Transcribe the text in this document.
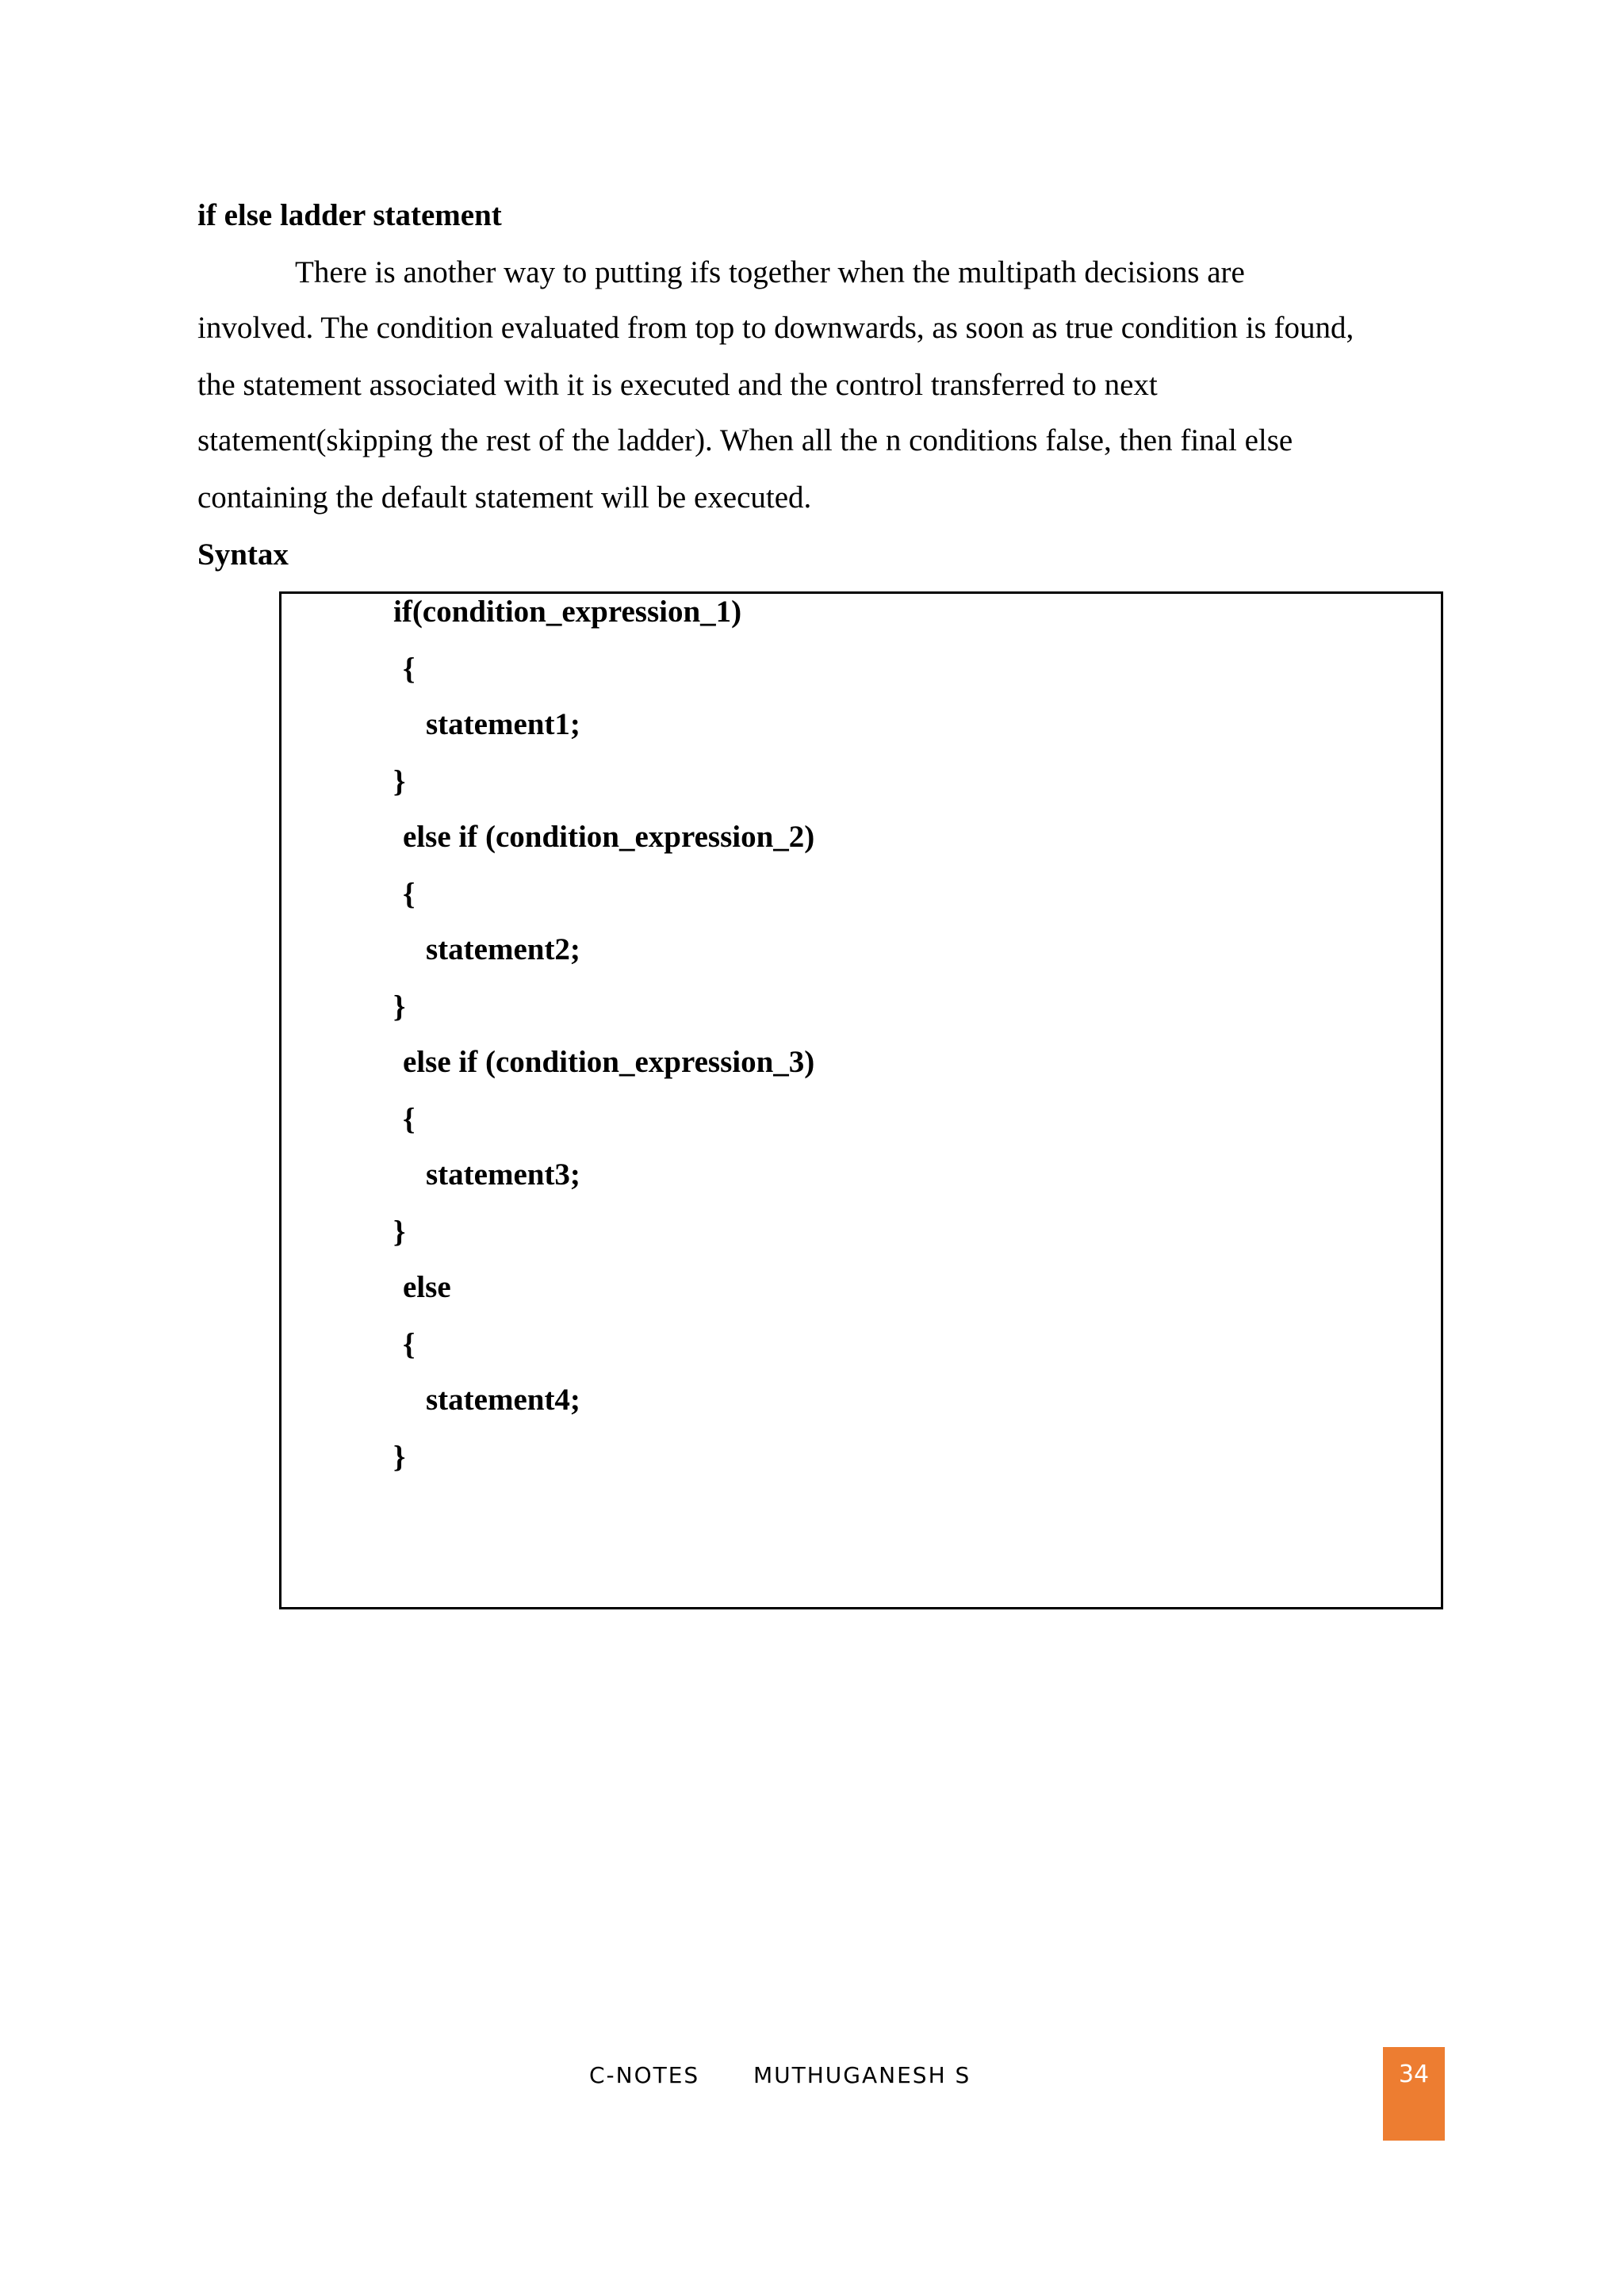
if else ladder statement
There is another way to putting ifs together when the multipath decisions are
involved. The condition evaluated from top to downwards, as soon as true condition is found,
the statement associated with it is executed and the control transferred to next
statement(skipping the rest of the ladder). When all the n conditions false, then final else
containing the default statement will be executed.
Syntax
if(condition_expression_1)
{
statement1;
}
else if (condition_expression_2)
{
statement2;
}
else if (condition_expression_3)
{
statement3;
}
else
{
statement4;
}
C-NOTES MUTHUGANESH S	34
